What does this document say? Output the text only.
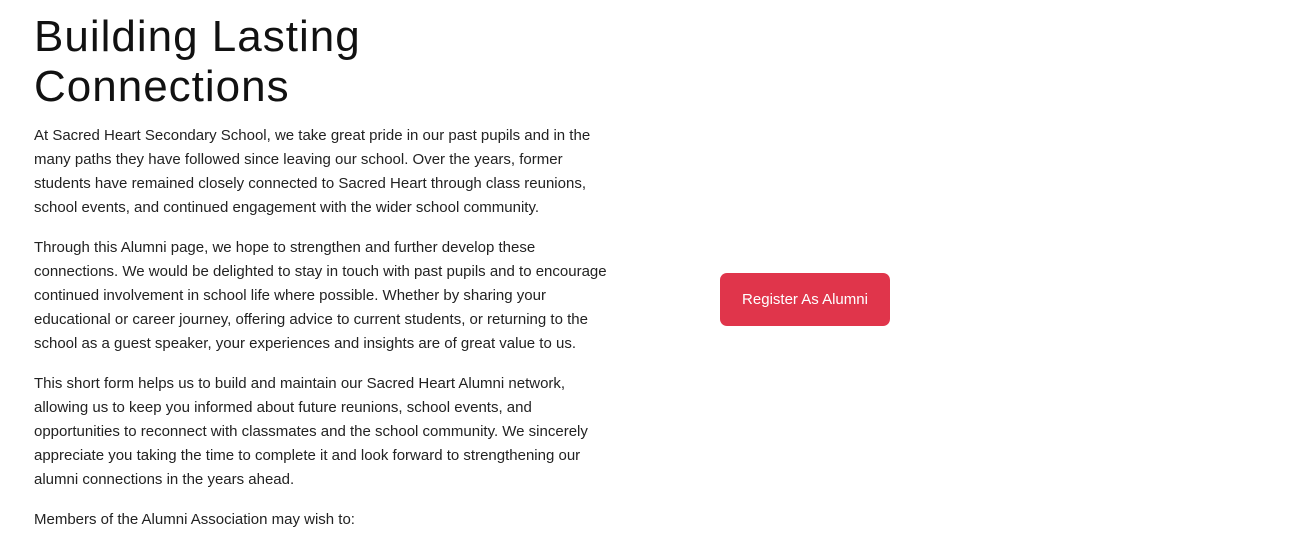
Building Lasting Connections

At Sacred Heart Secondary School, we take great pride in our past pupils and in the many paths they have followed since leaving our school. Over the years, former students have remained closely connected to Sacred Heart through class reunions, school events, and continued engagement with the wider school community.

Through this Alumni page, we hope to strengthen and further develop these connections. We would be delighted to stay in touch with past pupils and to encourage continued involvement in school life where possible. Whether by sharing your educational or career journey, offering advice to current students, or returning to the school as a guest speaker, your experiences and insights are of great value to us.

This short form helps us to build and maintain our Sacred Heart Alumni network, allowing us to keep you informed about future reunions, school events, and opportunities to reconnect with classmates and the school community. We sincerely appreciate you taking the time to complete it and look forward to strengthening our alumni connections in the years ahead.

Members of the Alumni Association may wish to:

Register As Alumni
